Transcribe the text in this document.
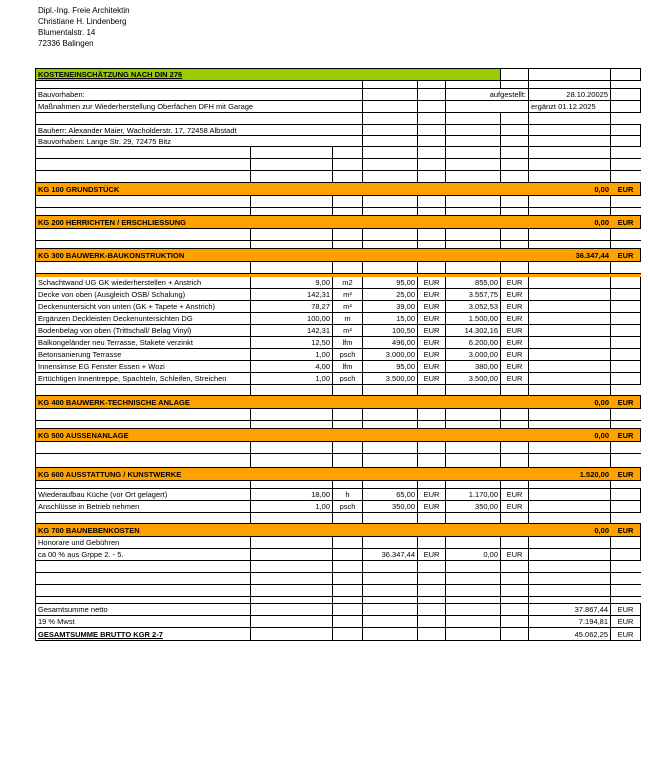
Dipl.-Ing. Freie Architektin
Christiane H. Lindenberg
Blumentalstr. 14
72336 Balingen
KOSTENEINSCHÄTZUNG NACH DIN 276
Bauvorhaben:	aufgestellt:	28.10.20025
Maßnahmen zur Wiederherstellung Oberfächen DFH mit Garage	ergänzt 01.12.2025
Bauherr: Alexander Maier, Wacholderstr. 17, 72458 Albstadt
Bauvorhaben: Lange Str. 29, 72475 Bitz
KG 100 GRUNDSTÜCK	0,00	EUR
KG 200 HERRICHTEN / ERSCHLIESSUNG	0,00	EUR
KG 300 BAUWERK-BAUKONSTRUKTION	36.347,44	EUR
Schachtwand UG GK wiederherstellen + Anstrich	9,00	m2	95,00	EUR	855,00	EUR
Decke von oben (Ausgleich OSB/ Schalung)	142,31	m²	25,00	EUR	3.557,75	EUR
Deckenuntersicht von unten (GK + Tapete + Anstrich)	78,27	m²	39,00	EUR	3.052,53	EUR
Ergänzen Deckleisten Deckenuntersichten DG	100,00	m	15,00	EUR	1.500,00	EUR
Bodenbelag von oben (Trittschall/ Belag Vinyl)	142,31	m²	100,50	EUR	14.302,16	EUR
Balkongeländer neu Terrasse, Stakete verzinkt	12,50	lfm	496,00	EUR	6.200,00	EUR
Betonsanierung Terrasse	1,00	psch	3.000,00	EUR	3.000,00	EUR
Innensimse EG Fenster Essen + Wozi	4,00	lfm	95,00	EUR	380,00	EUR
Ertüchtigen Innentreppe, Spachteln, Schleifen, Streichen	1,00	psch	3.500,00	EUR	3.500,00	EUR
KG 400 BAUWERK-TECHNISCHE ANLAGE	0,00	EUR
KG 500 AUSSENANLAGE	0,00	EUR
KG 600 AUSSTATTUNG / KUNSTWERKE	1.520,00	EUR
Wiederaufbau Küche (vor Ort gelagert)	18,00	h	65,00	EUR	1.170,00	EUR
Anschlüsse in Betrieb nehmen	1,00	psch	350,00	EUR	350,00	EUR
KG 700 BAUNEBENKOSTEN	0,00	EUR
Honorare und Gebühren
ca 00 % aus Grppe 2. - 5.	36.347,44	EUR	0,00	EUR
Gesamtsumme netto	37.867,44	EUR
19 % Mwst	7.194,81	EUR
GESAMTSUMME BRUTTO KGR 2-7	45.062,25	EUR
